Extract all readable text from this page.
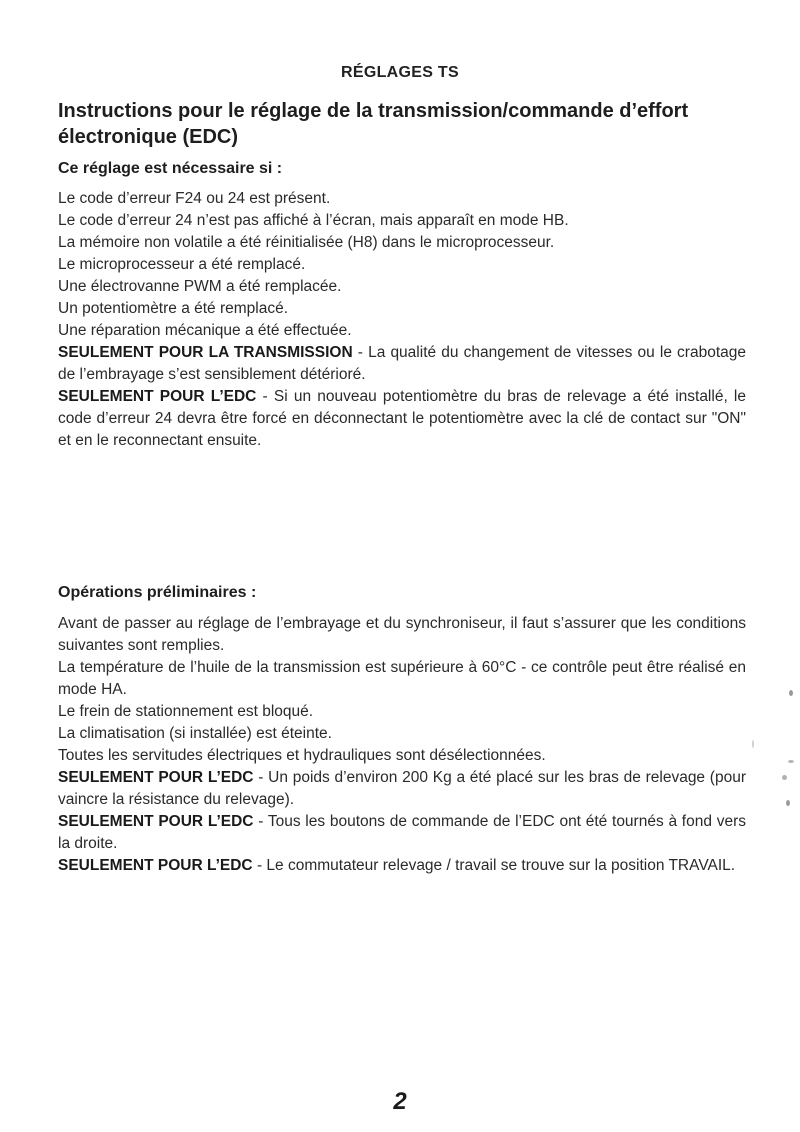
RÉGLAGES TS
Instructions pour le réglage de la transmission/commande d’effort électronique (EDC)
Ce réglage est nécessaire si :
Le code d’erreur F24 ou 24 est présent.
Le code d’erreur 24 n’est pas affiché à l’écran, mais apparaît en mode HB.
La mémoire non volatile a été réinitialisée (H8) dans le microprocesseur.
Le microprocesseur a été remplacé.
Une électrovanne PWM a été remplacée.
Un potentiomètre a été remplacé.
Une réparation mécanique a été effectuée.
SEULEMENT POUR LA TRANSMISSION - La qualité du changement de vitesses ou le crabotage de l’embrayage s’est sensiblement détérioré.
SEULEMENT POUR L’EDC - Si un nouveau potentiomètre du bras de relevage a été installé, le code d’erreur 24 devra être forcé en déconnectant le potentiomètre avec la clé de contact sur "ON" et en le reconnectant ensuite.
Opérations préliminaires :
Avant de passer au réglage de l’embrayage et du synchroniseur, il faut s’assurer que les conditions suivantes sont remplies.
La température de l’huile de la transmission est supérieure à 60°C - ce contrôle peut être réalisé en mode HA.
Le frein de stationnement est bloqué.
La climatisation (si installée) est éteinte.
Toutes les servitudes électriques et hydrauliques sont désélectionnées.
SEULEMENT POUR L’EDC - Un poids d’environ 200 Kg a été placé sur les bras de relevage (pour vaincre la résistance du relevage).
SEULEMENT POUR L’EDC - Tous les boutons de commande de l’EDC ont été tournés à fond vers la droite.
SEULEMENT POUR L’EDC - Le commutateur relevage / travail se trouve sur la position TRAVAIL.
2
